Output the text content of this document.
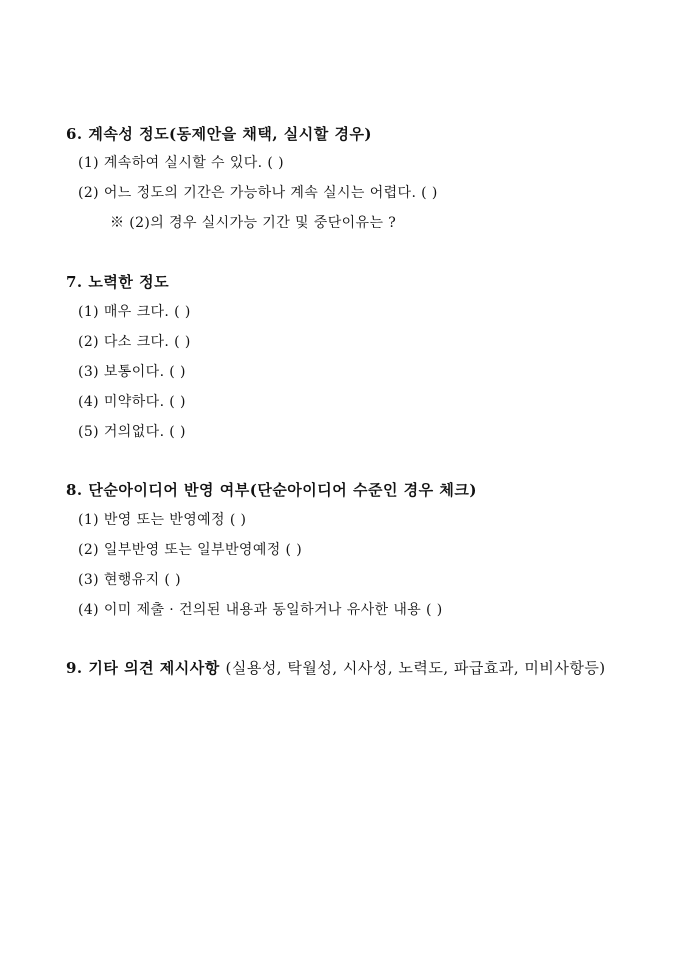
6. 계속성 정도(동제안을 채택, 실시할 경우)
(1) 계속하여 실시할 수 있다. ( )
(2) 어느 정도의 기간은 가능하나 계속 실시는 어렵다. ( )
※ (2)의 경우 실시가능 기간 및 중단이유는 ?
7. 노력한 정도
(1) 매우 크다. ( )
(2) 다소 크다. ( )
(3) 보통이다. ( )
(4) 미약하다. ( )
(5) 거의없다. ( )
8. 단순아이디어 반영 여부(단순아이디어 수준인 경우 체크)
(1) 반영 또는 반영예정 ( )
(2) 일부반영 또는 일부반영예정 ( )
(3) 현행유지 ( )
(4) 이미 제출 · 건의된 내용과 동일하거나 유사한 내용 ( )
9. 기타 의견 제시사항 (실용성, 탁월성, 시사성, 노력도, 파급효과, 미비사항등)
